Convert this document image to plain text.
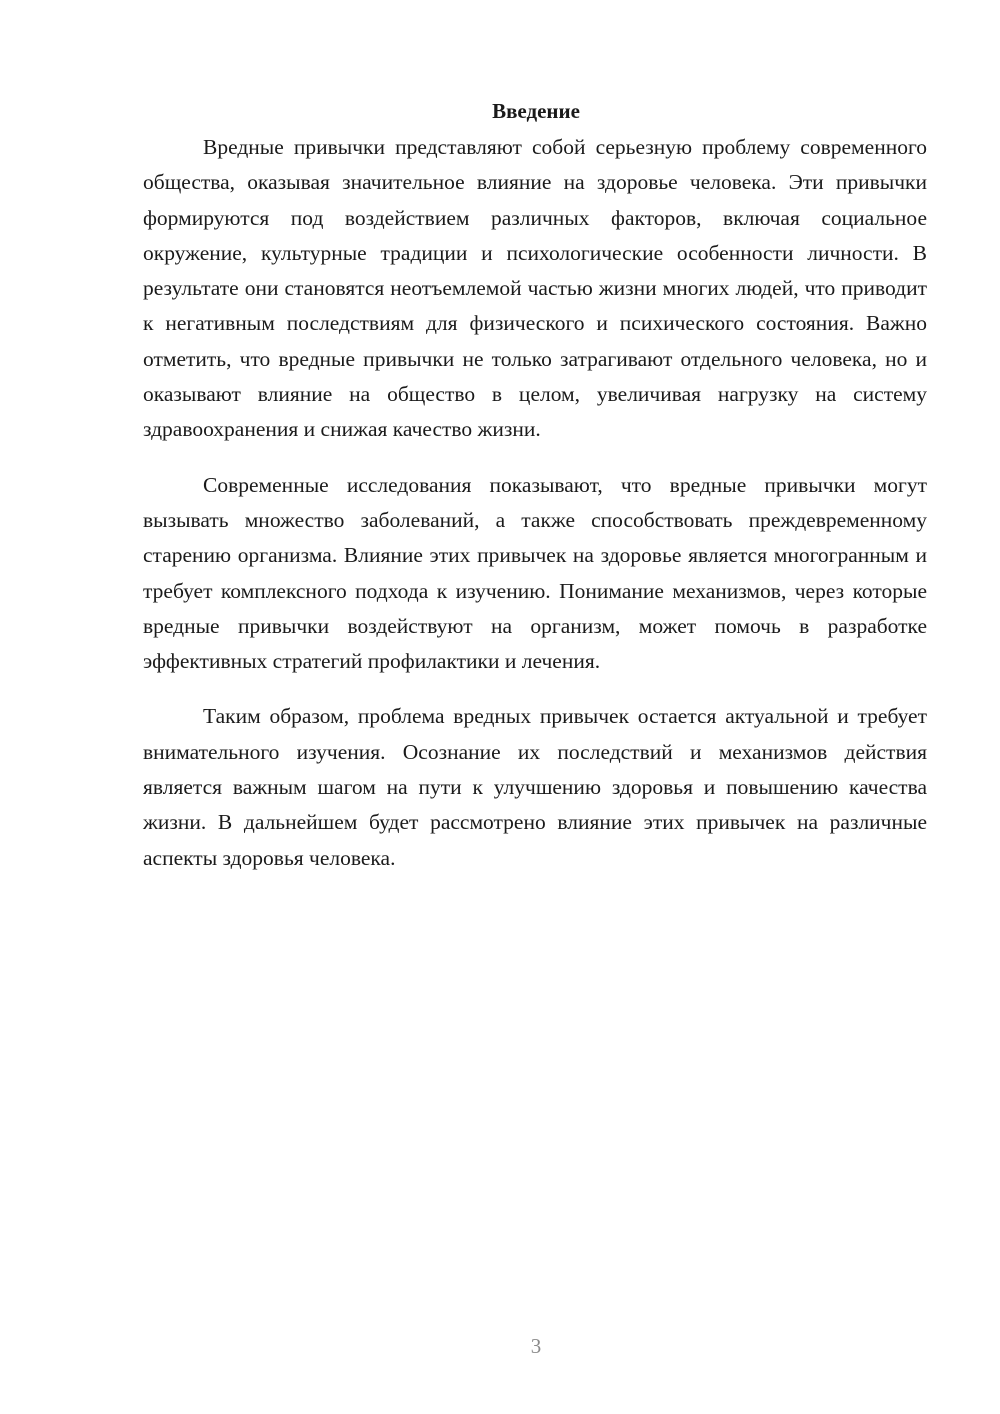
Введение

Вредные привычки представляют собой серьезную проблему современного общества, оказывая значительное влияние на здоровье человека. Эти привычки формируются под воздействием различных факторов, включая социальное окружение, культурные традиции и психологические особенности личности. В результате они становятся неотъемлемой частью жизни многих людей, что приводит к негативным последствиям для физического и психического состояния. Важно отметить, что вредные привычки не только затрагивают отдельного человека, но и оказывают влияние на общество в целом, увеличивая нагрузку на систему здравоохранения и снижая качество жизни.

Современные исследования показывают, что вредные привычки могут вызывать множество заболеваний, а также способствовать преждевременному старению организма. Влияние этих привычек на здоровье является многогранным и требует комплексного подхода к изучению. Понимание механизмов, через которые вредные привычки воздействуют на организм, может помочь в разработке эффективных стратегий профилактики и лечения.

Таким образом, проблема вредных привычек остается актуальной и требует внимательного изучения. Осознание их последствий и механизмов действия является важным шагом на пути к улучшению здоровья и повышению качества жизни. В дальнейшем будет рассмотрено влияние этих привычек на различные аспекты здоровья человека.

3
